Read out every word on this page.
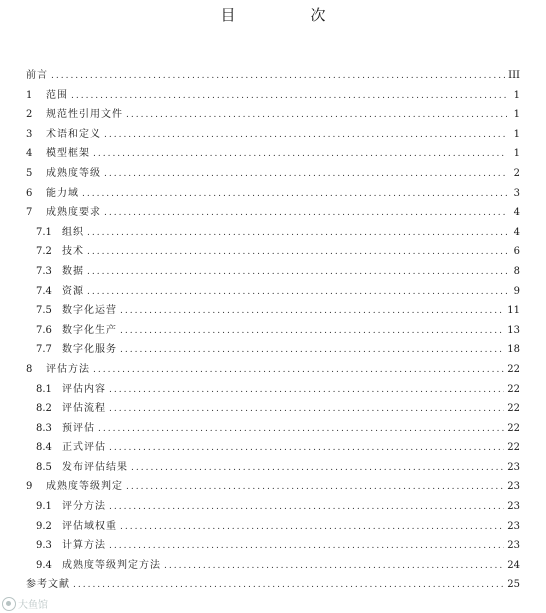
目　次
前言 .....	III
1	范围 .....	1
2	规范性引用文件 .....	1
3	术语和定义 .....	1
4	模型框架 .....	1
5	成熟度等级 .....	2
6	能力域 .....	3
7	成熟度要求 .....	4
7.1	组织 .....	4
7.2	技术 .....	6
7.3	数据 .....	8
7.4	资源 .....	9
7.5	数字化运营 .....	11
7.6	数字化生产 .....	13
7.7	数字化服务 .....	18
8	评估方法 .....	22
8.1	评估内容 .....	22
8.2	评估流程 .....	22
8.3	预评估 .....	22
8.4	正式评估 .....	22
8.5	发布评估结果 .....	23
9	成熟度等级判定 .....	23
9.1	评分方法 .....	23
9.2	评估域权重 .....	23
9.3	计算方法 .....	23
9.4	成熟度等级判定方法 .....	24
参考文献 .....	25
大鱼馆
